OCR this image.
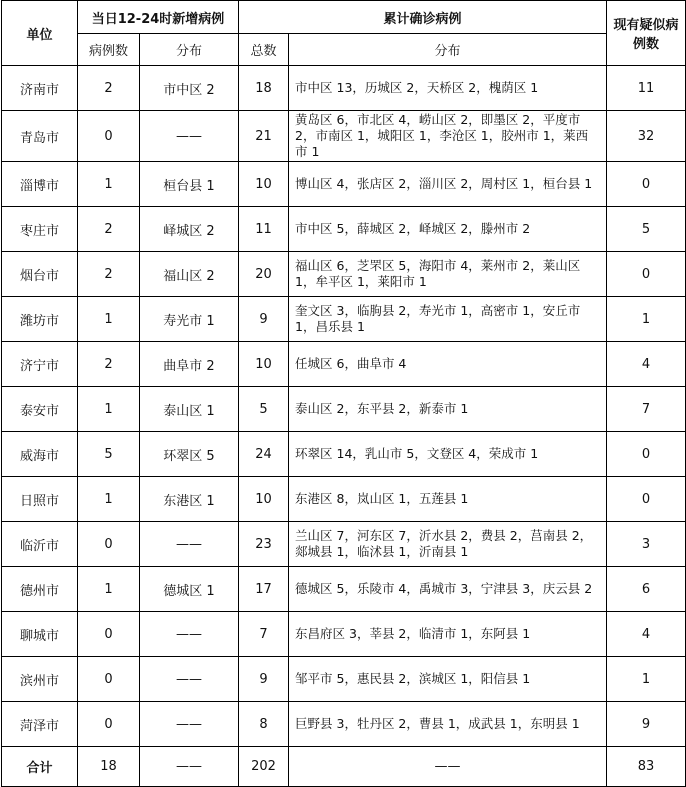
单位	当日12-24时新增病例		累计确诊病例		现有疑似病例数
	病例数	分布	总数	分布	
济南市	2	市中区 2	18	市中区 13，历城区 2，天桥区 2，槐荫区 1	11
青岛市	0	——	21	黄岛区 6，市北区 4，崂山区 2，即墨区 2，平度市 2，市南区 1，城阳区 1，李沧区 1，胶州市 1，莱西市 1	32
淄博市	1	桓台县 1	10	博山区 4，张店区 2，淄川区 2，周村区 1，桓台县 1	0
枣庄市	2	峄城区 2	11	市中区 5，薛城区 2，峄城区 2，滕州市 2	5
烟台市	2	福山区 2	20	福山区 6，芝罘区 5，海阳市 4，莱州市 2，莱山区 1，牟平区 1，莱阳市 1	0
潍坊市	1	寿光市 1	9	奎文区 3，临朐县 2，寿光市 1，高密市 1，安丘市 1，昌乐县 1	1
济宁市	2	曲阜市 2	10	任城区 6，曲阜市 4	4
泰安市	1	泰山区 1	5	泰山区 2，东平县 2，新泰市 1	7
威海市	5	环翠区 5	24	环翠区 14，乳山市 5，文登区 4，荣成市 1	0
日照市	1	东港区 1	10	东港区 8，岚山区 1，五莲县 1	0
临沂市	0	——	23	兰山区 7，河东区 7，沂水县 2，费县 2，莒南县 2，郯城县 1，临沭县 1，沂南县 1	3
德州市	1	德城区 1	17	德城区 5，乐陵市 4，禹城市 3，宁津县 3，庆云县 2	6
聊城市	0	——	7	东昌府区 3，莘县 2，临清市 1，东阿县 1	4
滨州市	0	——	9	邹平市 5，惠民县 2，滨城区 1，阳信县 1	1
菏泽市	0	——	8	巨野县 3，牡丹区 2，曹县 1，成武县 1，东明县 1	9
合计	18	——	202	——	83
